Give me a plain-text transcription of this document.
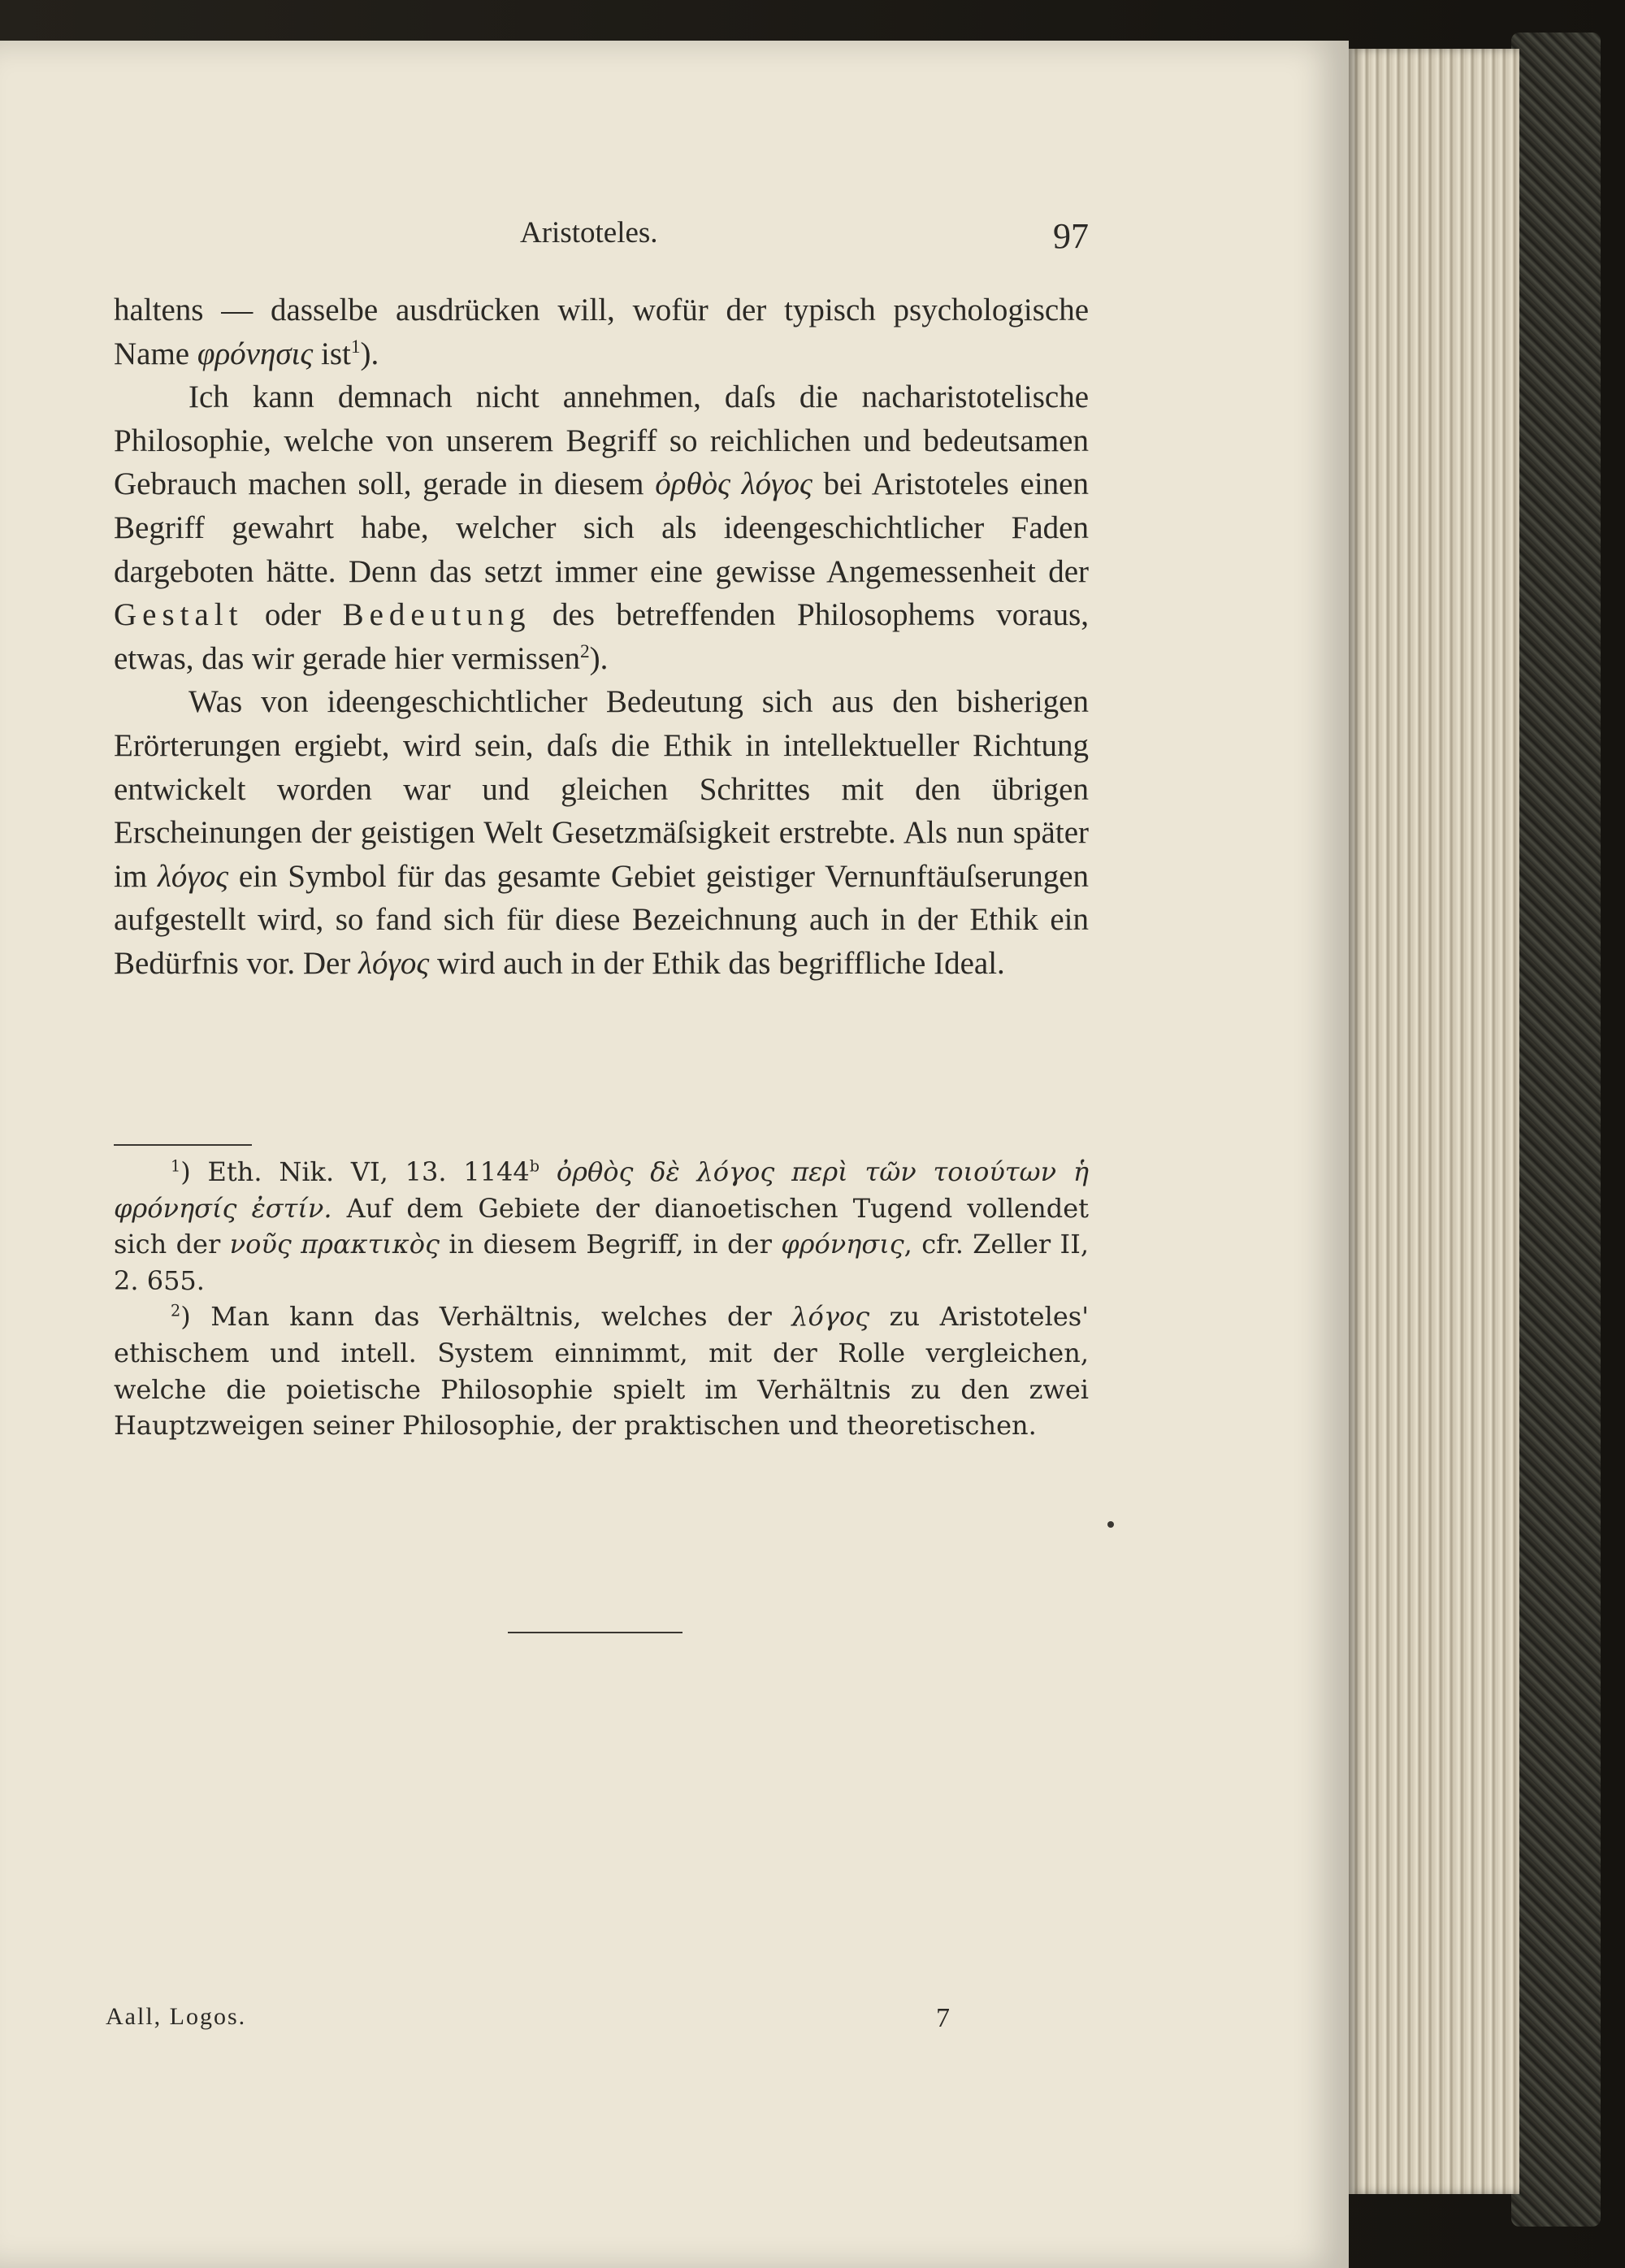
Aristoteles.	97

haltens — dasselbe ausdrücken will, wofür der typisch psychologische Name φρόνησις ist$^1$).

Ich kann demnach nicht annehmen, daſs die nacharistotelische Philosophie, welche von unserem Begriff so reichlichen und bedeutsamen Gebrauch machen soll, gerade in diesem ὀρθὸς λόγος bei Aristoteles einen Begriff gewahrt habe, welcher sich als ideengeschichtlicher Faden dargeboten hätte. Denn das setzt immer eine gewisse Angemessenheit der Gestalt oder Bedeutung des betreffenden Philosophems voraus, etwas, das wir gerade hier vermissen$^2$).

Was von ideengeschichtlicher Bedeutung sich aus den bisherigen Erörterungen ergiebt, wird sein, daſs die Ethik in intellektueller Richtung entwickelt worden war und gleichen Schrittes mit den übrigen Erscheinungen der geistigen Welt Gesetzmäſsigkeit erstrebte. Als nun später im λόγος ein Symbol für das gesamte Gebiet geistiger Vernunftäuſserungen aufgestellt wird, so fand sich für diese Bezeichnung auch in der Ethik ein Bedürfnis vor. Der λόγος wird auch in der Ethik das begriffliche Ideal.

$^1$) Eth. Nik. VI, 13. 1144$^b$ ὀρθὸς δὲ λόγος περὶ τῶν τοιούτων ἡ φρόνησίς ἐστίν. Auf dem Gebiete der dianoetischen Tugend vollendet sich der νοῦς πρακτικὸς in diesem Begriff, in der φρόνησις, cfr. Zeller II, 2. 655.

$^2$) Man kann das Verhältnis, welches der λόγος zu Aristoteles' ethischem und intell. System einnimmt, mit der Rolle vergleichen, welche die poietische Philosophie spielt im Verhältnis zu den zwei Hauptzweigen seiner Philosophie, der praktischen und theoretischen.

Aall, Logos.	7
